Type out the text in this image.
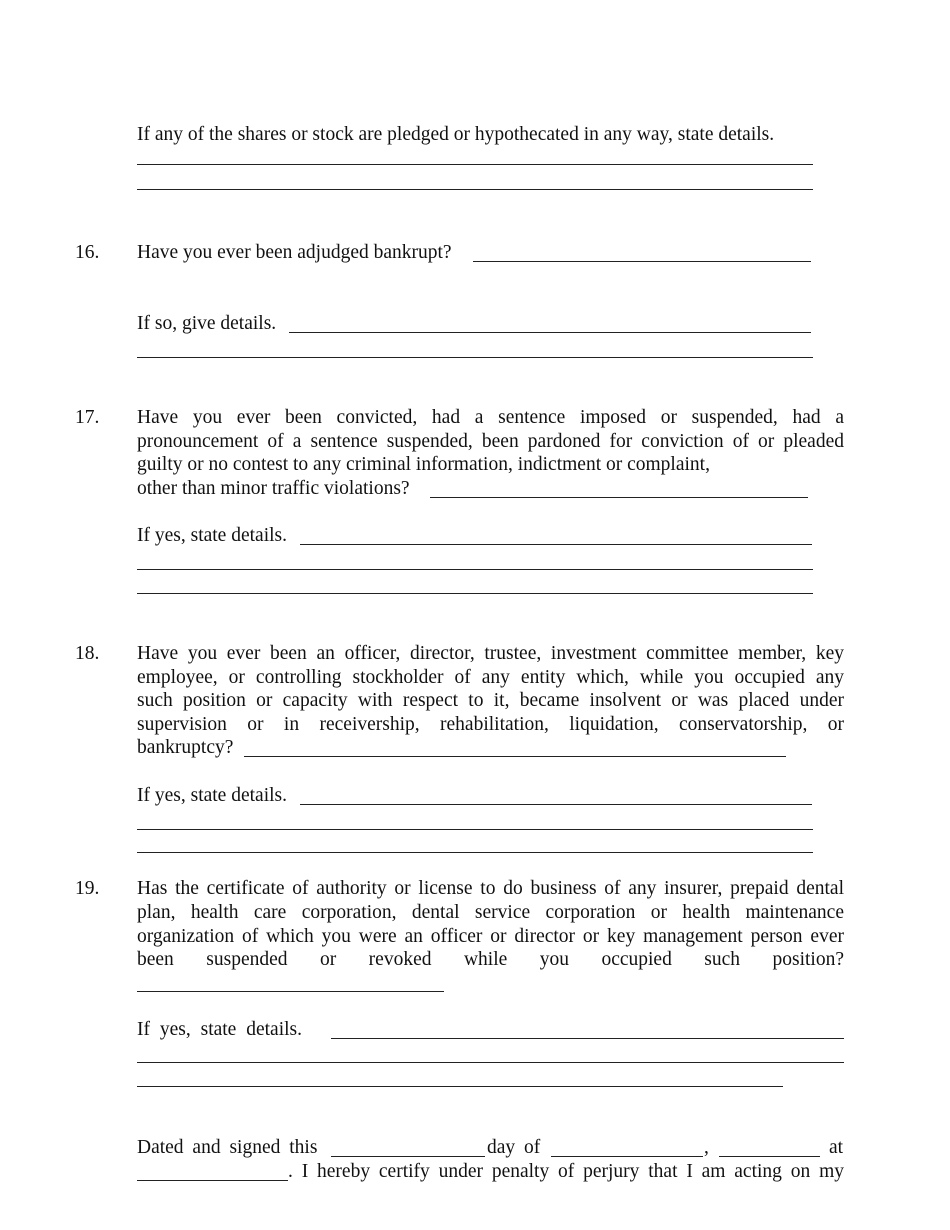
If any of the shares or stock are pledged or hypothecated in any way, state details.
16. Have you ever been adjudged bankrupt?
If so, give details.
17. Have you ever been convicted, had a sentence imposed or suspended, had a
pronouncement of a sentence suspended, been pardoned for conviction of or pleaded
guilty or no contest to any criminal information, indictment or complaint,
other than minor traffic violations?
If yes, state details.
18. Have you ever been an officer, director, trustee, investment committee member, key
employee, or controlling stockholder of any entity which, while you occupied any
such position or capacity with respect to it, became insolvent or was placed under
supervision or in receivership, rehabilitation, liquidation, conservatorship, or
bankruptcy?
If yes, state details.
19. Has the certificate of authority or license to do business of any insurer, prepaid dental
plan, health care corporation, dental service corporation or health maintenance
organization of which you were an officer or director or key management person ever
been suspended or revoked while you occupied such position?
If yes, state details.
Dated and signed this	day of	,	at
. I hereby certify under penalty of perjury that I am acting on my
